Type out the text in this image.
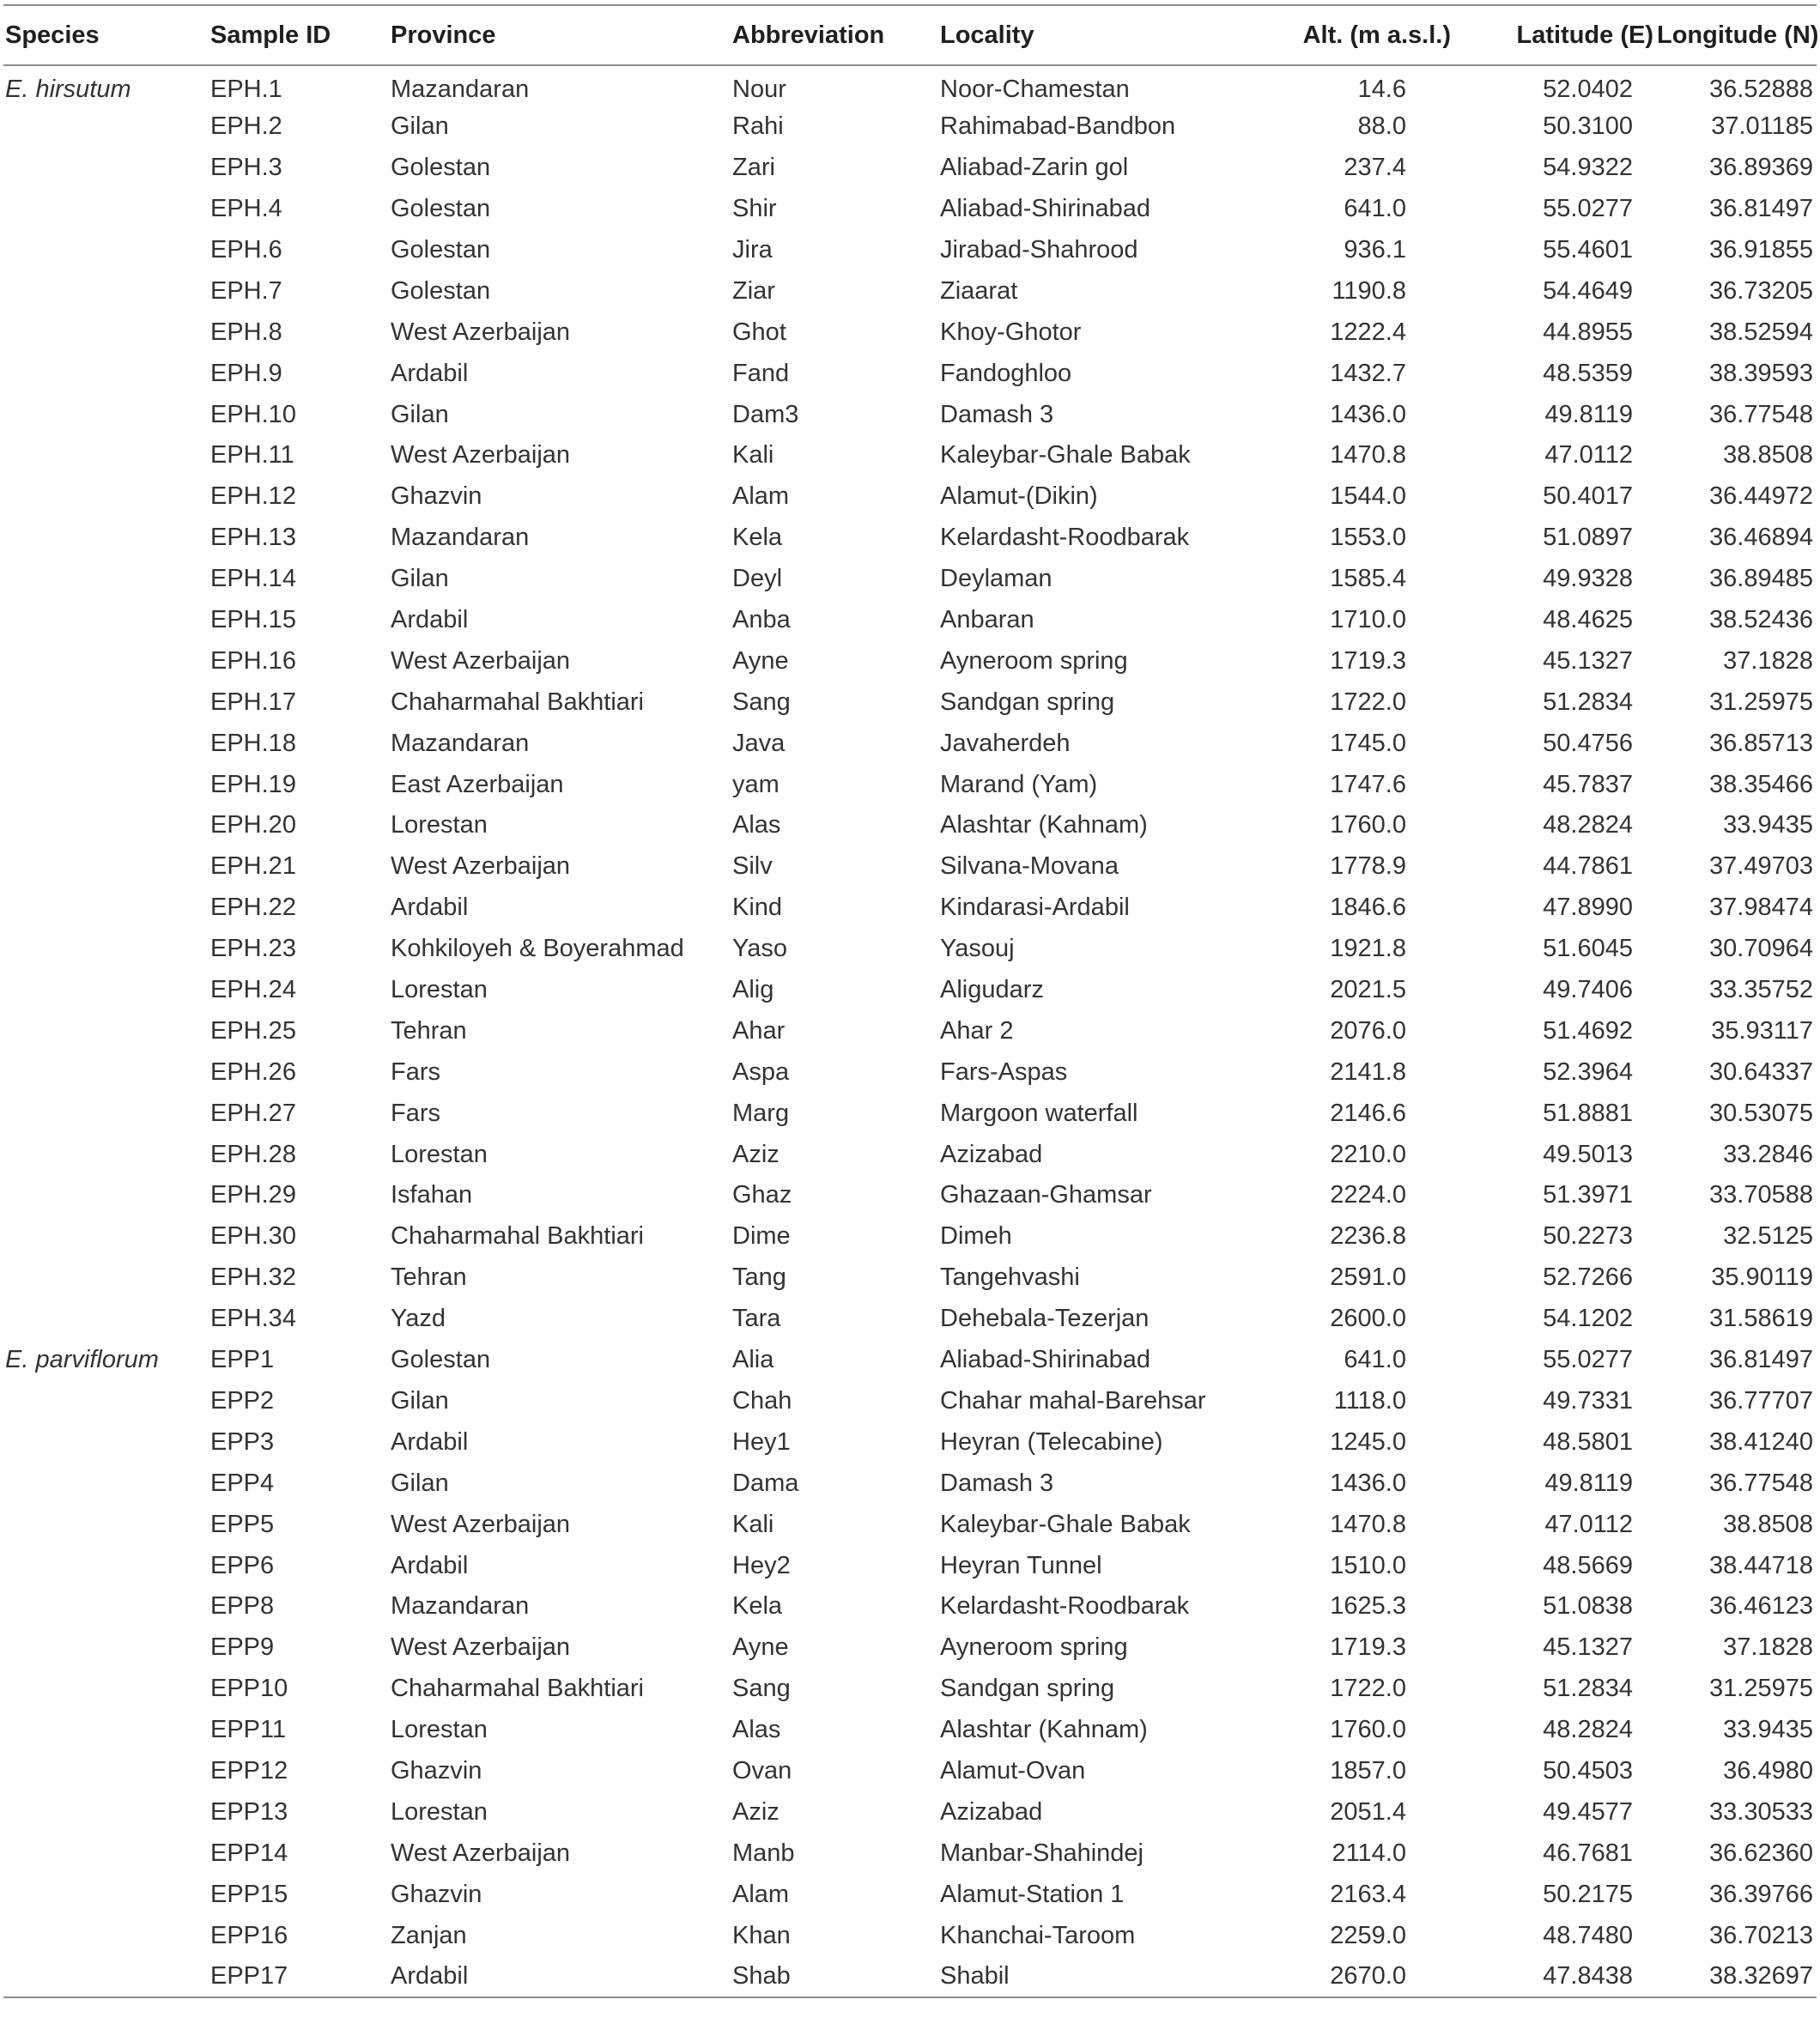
Species	Sample ID	Province	Abbreviation	Locality	Alt. (m a.s.l.)	Latitude (E)	Longitude (N)
E. hirsutum	EPH.1	Mazandaran	Nour	Noor-Chamestan	14.6	52.0402	36.52888
	EPH.2	Gilan	Rahi	Rahimabad-Bandbon	88.0	50.3100	37.01185
	EPH.3	Golestan	Zari	Aliabad-Zarin gol	237.4	54.9322	36.89369
	EPH.4	Golestan	Shir	Aliabad-Shirinabad	641.0	55.0277	36.81497
	EPH.6	Golestan	Jira	Jirabad-Shahrood	936.1	55.4601	36.91855
	EPH.7	Golestan	Ziar	Ziaarat	1190.8	54.4649	36.73205
	EPH.8	West Azerbaijan	Ghot	Khoy-Ghotor	1222.4	44.8955	38.52594
	EPH.9	Ardabil	Fand	Fandoghloo	1432.7	48.5359	38.39593
	EPH.10	Gilan	Dam3	Damash 3	1436.0	49.8119	36.77548
	EPH.11	West Azerbaijan	Kali	Kaleybar-Ghale Babak	1470.8	47.0112	38.8508
	EPH.12	Ghazvin	Alam	Alamut-(Dikin)	1544.0	50.4017	36.44972
	EPH.13	Mazandaran	Kela	Kelardasht-Roodbarak	1553.0	51.0897	36.46894
	EPH.14	Gilan	Deyl	Deylaman	1585.4	49.9328	36.89485
	EPH.15	Ardabil	Anba	Anbaran	1710.0	48.4625	38.52436
	EPH.16	West Azerbaijan	Ayne	Ayneroom spring	1719.3	45.1327	37.1828
	EPH.17	Chaharmahal Bakhtiari	Sang	Sandgan spring	1722.0	51.2834	31.25975
	EPH.18	Mazandaran	Java	Javaherdeh	1745.0	50.4756	36.85713
	EPH.19	East Azerbaijan	yam	Marand (Yam)	1747.6	45.7837	38.35466
	EPH.20	Lorestan	Alas	Alashtar (Kahnam)	1760.0	48.2824	33.9435
	EPH.21	West Azerbaijan	Silv	Silvana-Movana	1778.9	44.7861	37.49703
	EPH.22	Ardabil	Kind	Kindarasi-Ardabil	1846.6	47.8990	37.98474
	EPH.23	Kohkiloyeh & Boyerahmad	Yaso	Yasouj	1921.8	51.6045	30.70964
	EPH.24	Lorestan	Alig	Aligudarz	2021.5	49.7406	33.35752
	EPH.25	Tehran	Ahar	Ahar 2	2076.0	51.4692	35.93117
	EPH.26	Fars	Aspa	Fars-Aspas	2141.8	52.3964	30.64337
	EPH.27	Fars	Marg	Margoon waterfall	2146.6	51.8881	30.53075
	EPH.28	Lorestan	Aziz	Azizabad	2210.0	49.5013	33.2846
	EPH.29	Isfahan	Ghaz	Ghazaan-Ghamsar	2224.0	51.3971	33.70588
	EPH.30	Chaharmahal Bakhtiari	Dime	Dimeh	2236.8	50.2273	32.5125
	EPH.32	Tehran	Tang	Tangehvashi	2591.0	52.7266	35.90119
	EPH.34	Yazd	Tara	Dehebala-Tezerjan	2600.0	54.1202	31.58619
E. parviflorum	EPP1	Golestan	Alia	Aliabad-Shirinabad	641.0	55.0277	36.81497
	EPP2	Gilan	Chah	Chahar mahal-Barehsar	1118.0	49.7331	36.77707
	EPP3	Ardabil	Hey1	Heyran (Telecabine)	1245.0	48.5801	38.41240
	EPP4	Gilan	Dama	Damash 3	1436.0	49.8119	36.77548
	EPP5	West Azerbaijan	Kali	Kaleybar-Ghale Babak	1470.8	47.0112	38.8508
	EPP6	Ardabil	Hey2	Heyran Tunnel	1510.0	48.5669	38.44718
	EPP8	Mazandaran	Kela	Kelardasht-Roodbarak	1625.3	51.0838	36.46123
	EPP9	West Azerbaijan	Ayne	Ayneroom spring	1719.3	45.1327	37.1828
	EPP10	Chaharmahal Bakhtiari	Sang	Sandgan spring	1722.0	51.2834	31.25975
	EPP11	Lorestan	Alas	Alashtar (Kahnam)	1760.0	48.2824	33.9435
	EPP12	Ghazvin	Ovan	Alamut-Ovan	1857.0	50.4503	36.4980
	EPP13	Lorestan	Aziz	Azizabad	2051.4	49.4577	33.30533
	EPP14	West Azerbaijan	Manb	Manbar-Shahindej	2114.0	46.7681	36.62360
	EPP15	Ghazvin	Alam	Alamut-Station 1	2163.4	50.2175	36.39766
	EPP16	Zanjan	Khan	Khanchai-Taroom	2259.0	48.7480	36.70213
	EPP17	Ardabil	Shab	Shabil	2670.0	47.8438	38.32697
